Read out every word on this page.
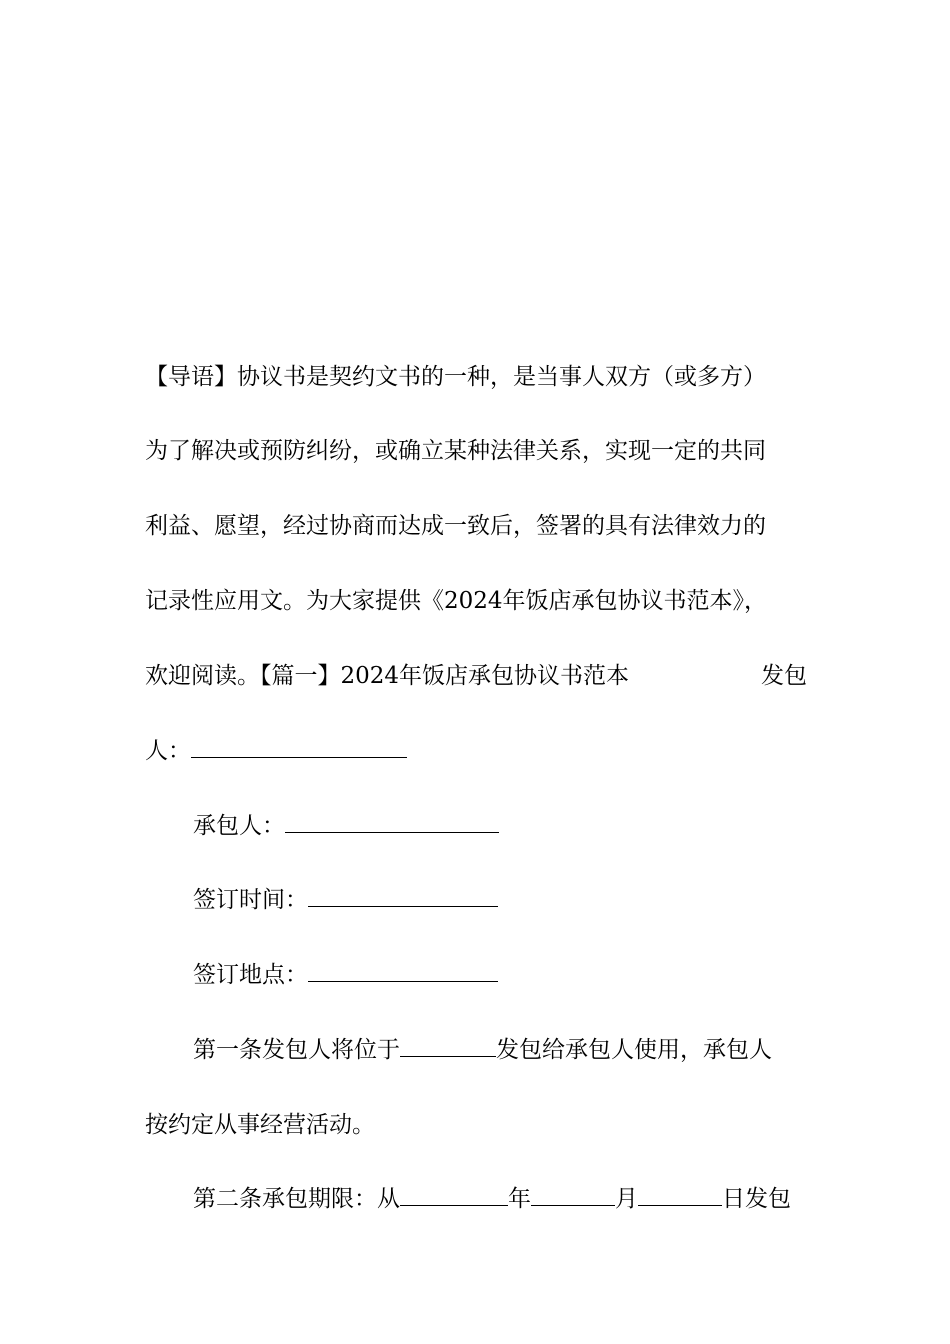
【导语】协议书是契约文书的一种，是当事人双方（或多方）
为了解决或预防纠纷，或确立某种法律关系，实现一定的共同
利益、愿望，经过协商而达成一致后，签署的具有法律效力的
记录性应用文。为大家提供《2024年饭店承包协议书范本》，
欢迎阅读。【篇一】2024年饭店承包协议书范本	发包
人：
承包人：
签订时间：
签订地点：
第一条发包人将位于	发包给承包人使用，承包人
按约定从事经营活动。
第二条承包期限：从	年	月	日发包
